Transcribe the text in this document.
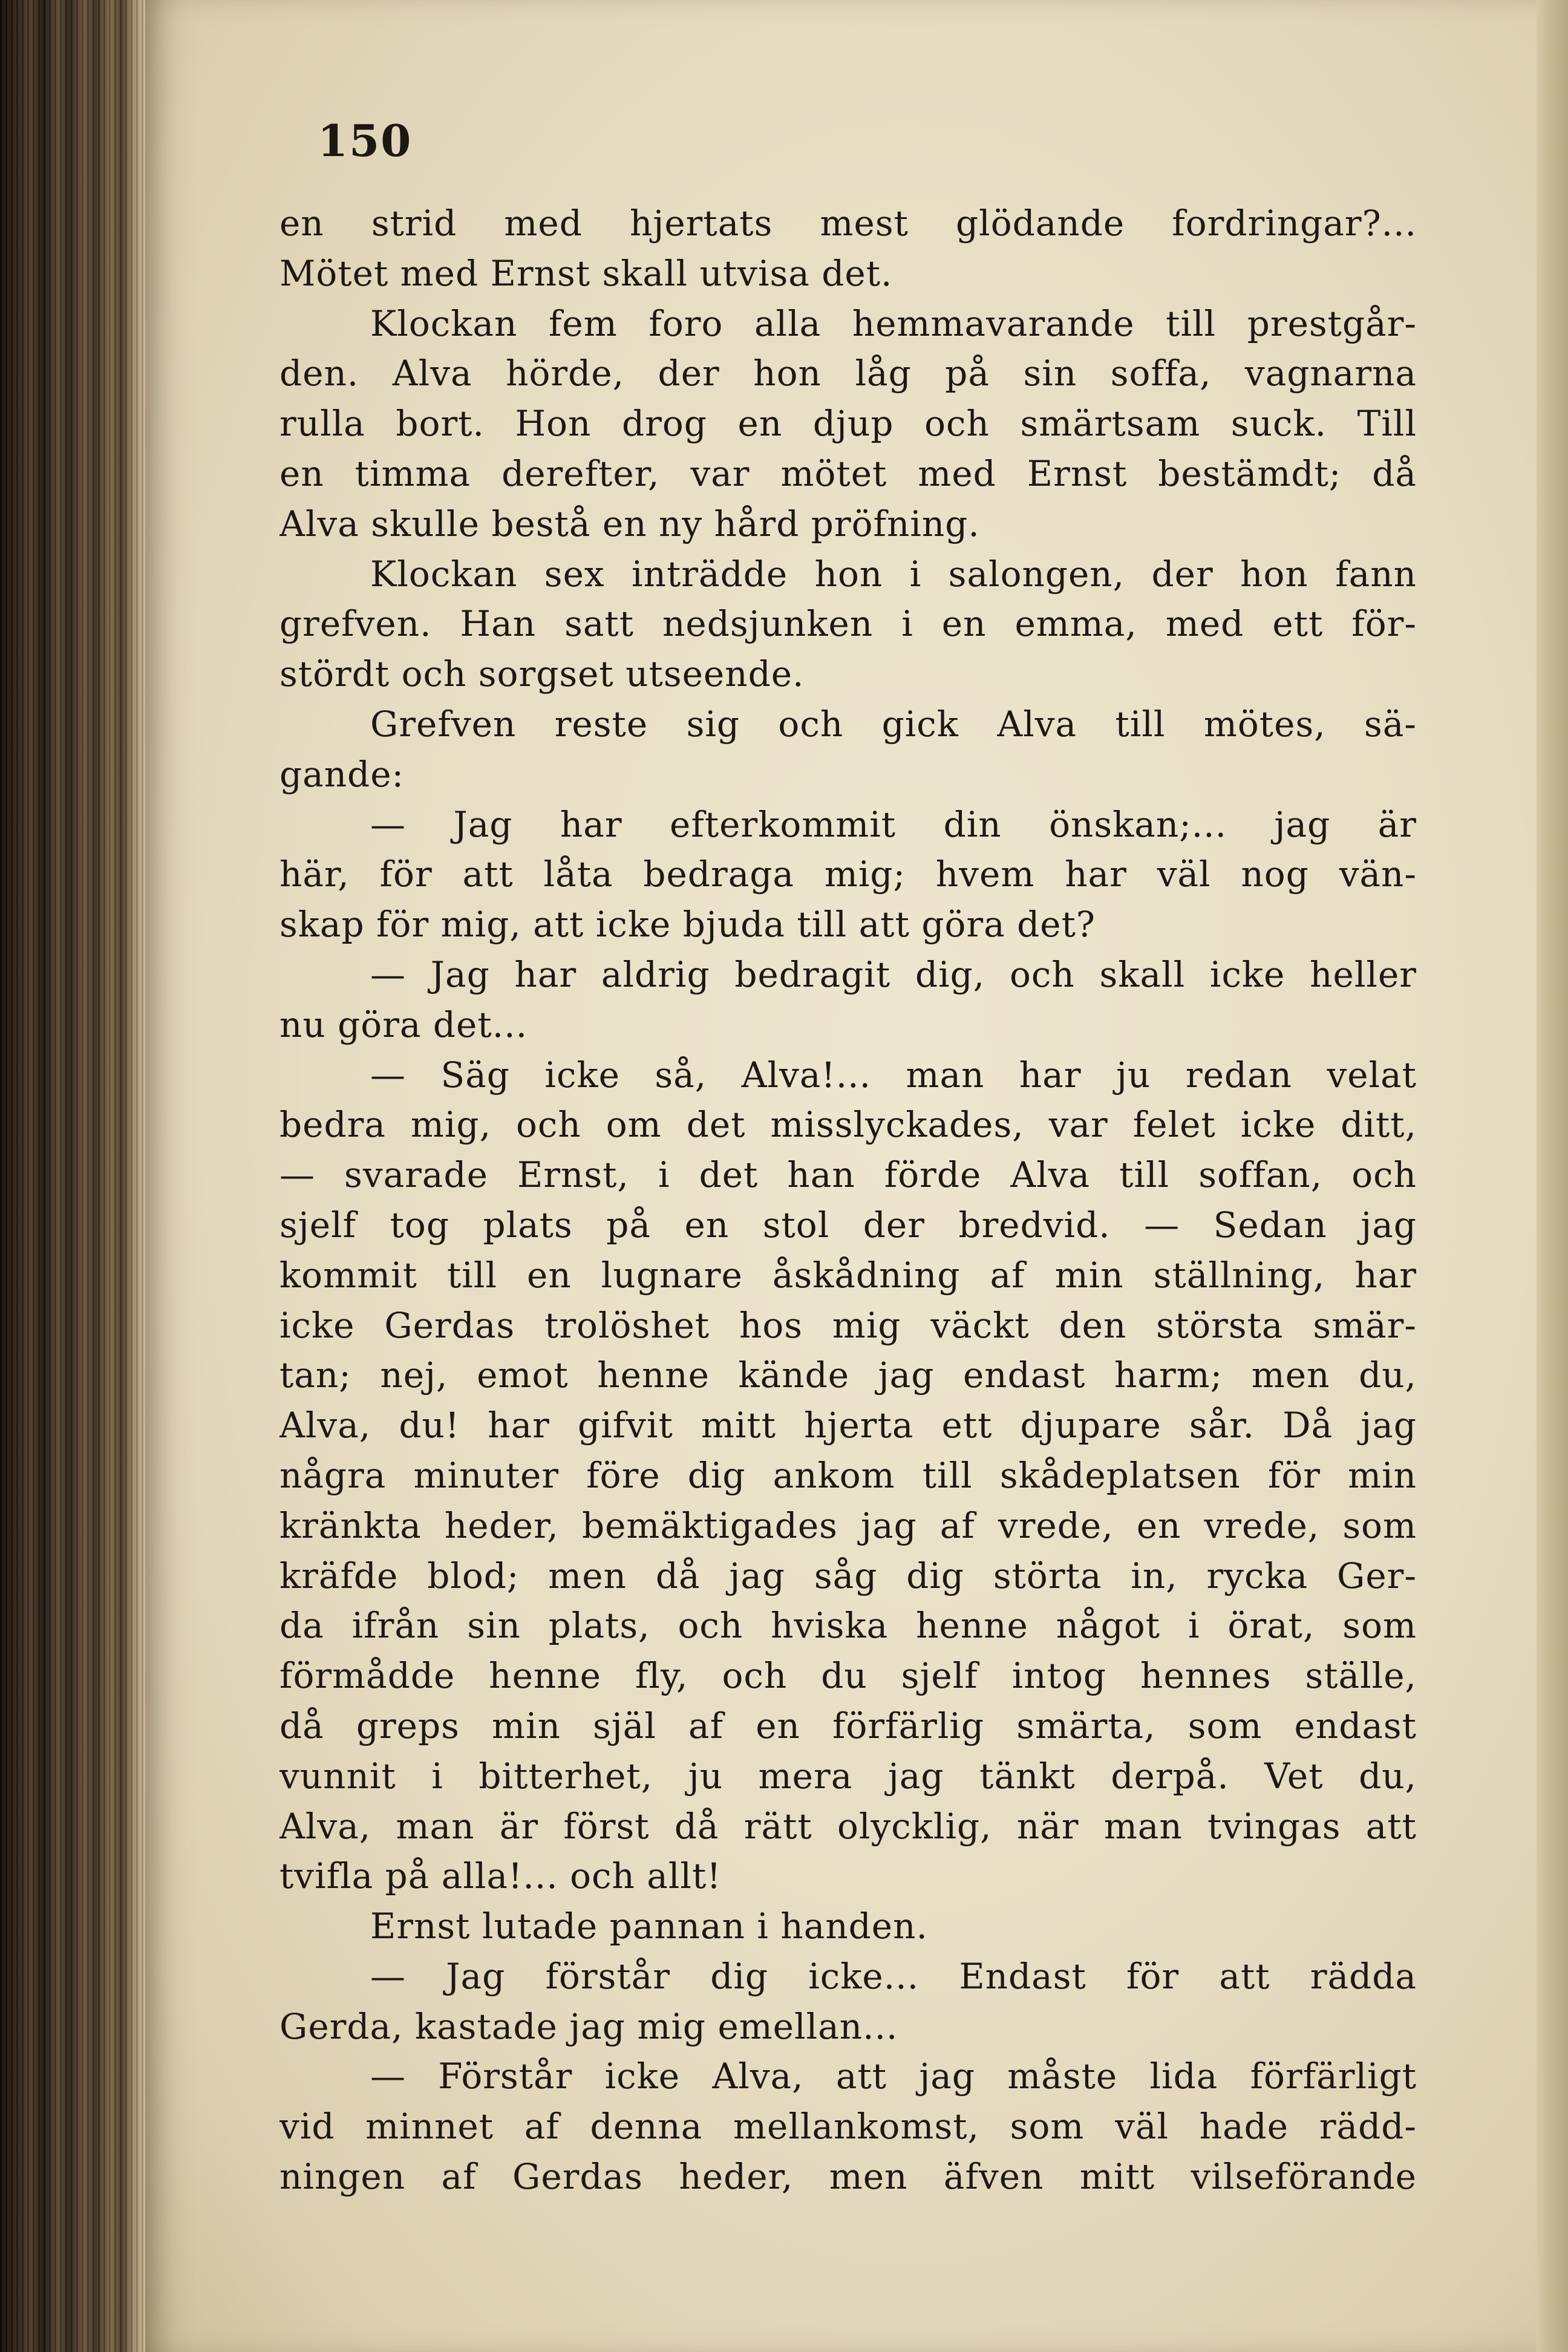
150
en strid med hjertats mest glödande fordringar?...
Mötet med Ernst skall utvisa det.
Klockan fem foro alla hemmavarande till prestgår-
den. Alva hörde, der hon låg på sin soffa, vagnarna
rulla bort. Hon drog en djup och smärtsam suck. Till
en timma derefter, var mötet med Ernst bestämdt; då
Alva skulle bestå en ny hård pröfning.
Klockan sex inträdde hon i salongen, der hon fann
grefven. Han satt nedsjunken i en emma, med ett för-
stördt och sorgset utseende.
Grefven reste sig och gick Alva till mötes, sä-
gande:
— Jag har efterkommit din önskan;... jag är
här, för att låta bedraga mig; hvem har väl nog vän-
skap för mig, att icke bjuda till att göra det?
— Jag har aldrig bedragit dig, och skall icke heller
nu göra det...
— Säg icke så, Alva!... man har ju redan velat
bedra mig, och om det misslyckades, var felet icke ditt,
— svarade Ernst, i det han förde Alva till soffan, och
sjelf tog plats på en stol der bredvid. — Sedan jag
kommit till en lugnare åskådning af min ställning, har
icke Gerdas trolöshet hos mig väckt den största smär-
tan; nej, emot henne kände jag endast harm; men du,
Alva, du! har gifvit mitt hjerta ett djupare sår. Då jag
några minuter före dig ankom till skådeplatsen för min
kränkta heder, bemäktigades jag af vrede, en vrede, som
kräfde blod; men då jag såg dig störta in, rycka Ger-
da ifrån sin plats, och hviska henne något i örat, som
förmådde henne fly, och du sjelf intog hennes ställe,
då greps min själ af en förfärlig smärta, som endast
vunnit i bitterhet, ju mera jag tänkt derpå. Vet du,
Alva, man är först då rätt olycklig, när man tvingas att
tvifla på alla!... och allt!
Ernst lutade pannan i handen.
— Jag förstår dig icke... Endast för att rädda
Gerda, kastade jag mig emellan...
— Förstår icke Alva, att jag måste lida förfärligt
vid minnet af denna mellankomst, som väl hade rädd-
ningen af Gerdas heder, men äfven mitt vilseförande
